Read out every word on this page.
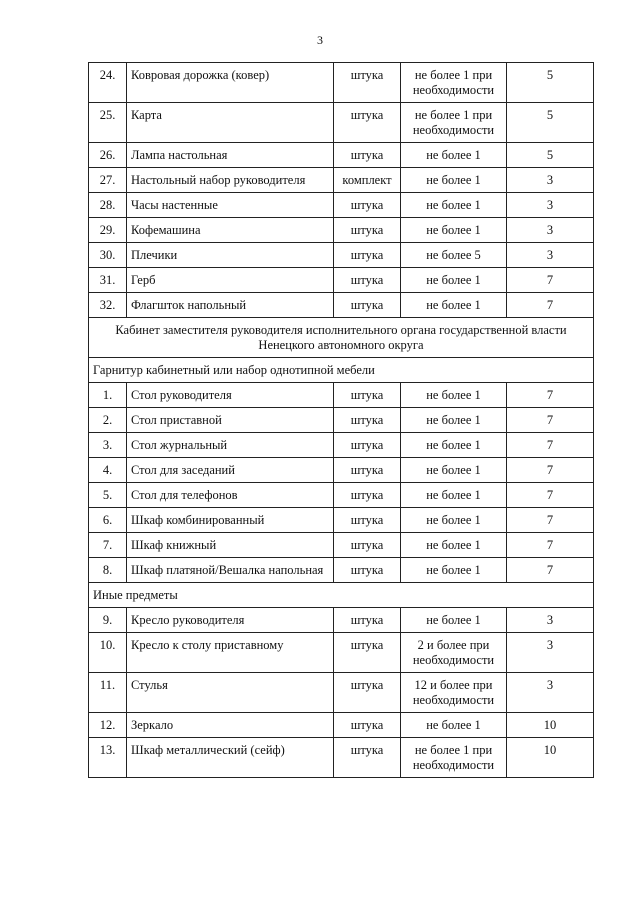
3
24.	Ковровая дорожка (ковер)	штука	не более 1 при необходимости	5
25.	Карта	штука	не более 1 при необходимости	5
26.	Лампа настольная	штука	не более 1	5
27.	Настольный набор руководителя	комплект	не более 1	3
28.	Часы настенные	штука	не более 1	3
29.	Кофемашина	штука	не более 1	3
30.	Плечики	штука	не более 5	3
31.	Герб	штука	не более 1	7
32.	Флагшток напольный	штука	не более 1	7
Кабинет заместителя руководителя исполнительного органа государственной власти Ненецкого автономного округа				
Гарнитур кабинетный или набор однотипной мебели				
1.	Стол руководителя	штука	не более 1	7
2.	Стол приставной	штука	не более 1	7
3.	Стол журнальный	штука	не более 1	7
4.	Стол для заседаний	штука	не более 1	7
5.	Стол для телефонов	штука	не более 1	7
6.	Шкаф комбинированный	штука	не более 1	7
7.	Шкаф книжный	штука	не более 1	7
8.	Шкаф платяной/Вешалка напольная	штука	не более 1	7
Иные предметы				
9.	Кресло руководителя	штука	не более 1	3
10.	Кресло к столу приставному	штука	2 и более при необходимости	3
11.	Стулья	штука	12 и более при необходимости	3
12.	Зеркало	штука	не более 1	10
13.	Шкаф металлический (сейф)	штука	не более 1 при необходимости	10
